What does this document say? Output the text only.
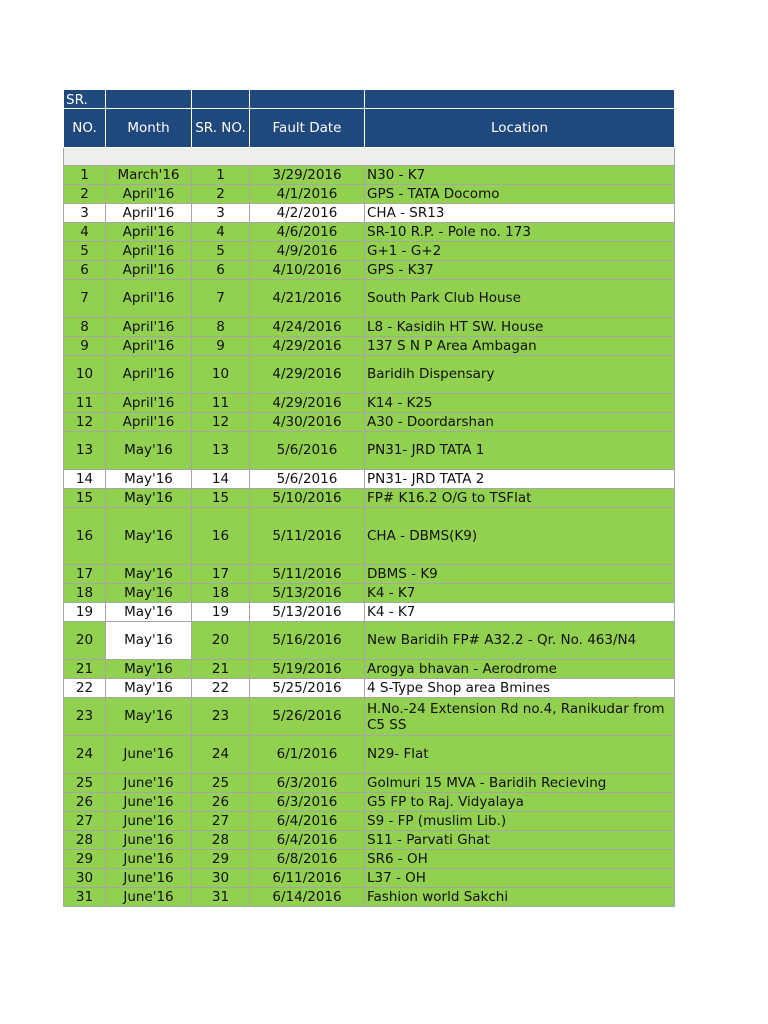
SR.				
NO.	Month	SR. NO.	Fault Date	Location

1	March'16	1	3/29/2016	N30 - K7
2	April'16	2	4/1/2016	GPS - TATA Docomo
3	April'16	3	4/2/2016	CHA - SR13
4	April'16	4	4/6/2016	SR-10 R.P. - Pole no. 173
5	April'16	5	4/9/2016	G+1 - G+2
6	April'16	6	4/10/2016	GPS - K37
7	April'16	7	4/21/2016	South Park Club House
8	April'16	8	4/24/2016	L8 - Kasidih HT SW. House
9	April'16	9	4/29/2016	137 S N P Area Ambagan
10	April'16	10	4/29/2016	Baridih Dispensary
11	April'16	11	4/29/2016	K14 - K25
12	April'16	12	4/30/2016	A30 - Doordarshan
13	May'16	13	5/6/2016	PN31- JRD TATA 1
14	May'16	14	5/6/2016	PN31- JRD TATA 2
15	May'16	15	5/10/2016	FP# K16.2 O/G to TSFlat
16	May'16	16	5/11/2016	CHA - DBMS(K9)
17	May'16	17	5/11/2016	DBMS - K9
18	May'16	18	5/13/2016	K4 - K7
19	May'16	19	5/13/2016	K4 - K7
20	May'16	20	5/16/2016	New Baridih FP# A32.2 - Qr. No. 463/N4
21	May'16	21	5/19/2016	Arogya bhavan - Aerodrome
22	May'16	22	5/25/2016	4 S-Type Shop area Bmines
23	May'16	23	5/26/2016	H.No.-24 Extension Rd no.4, Ranikudar from C5 SS
24	June'16	24	6/1/2016	N29- Flat
25	June'16	25	6/3/2016	Golmuri 15 MVA - Baridih Recieving
26	June'16	26	6/3/2016	G5 FP to Raj. Vidyalaya
27	June'16	27	6/4/2016	S9 - FP (muslim Lib.)
28	June'16	28	6/4/2016	S11 - Parvati Ghat
29	June'16	29	6/8/2016	SR6 - OH
30	June'16	30	6/11/2016	L37 - OH
31	June'16	31	6/14/2016	Fashion world Sakchi
